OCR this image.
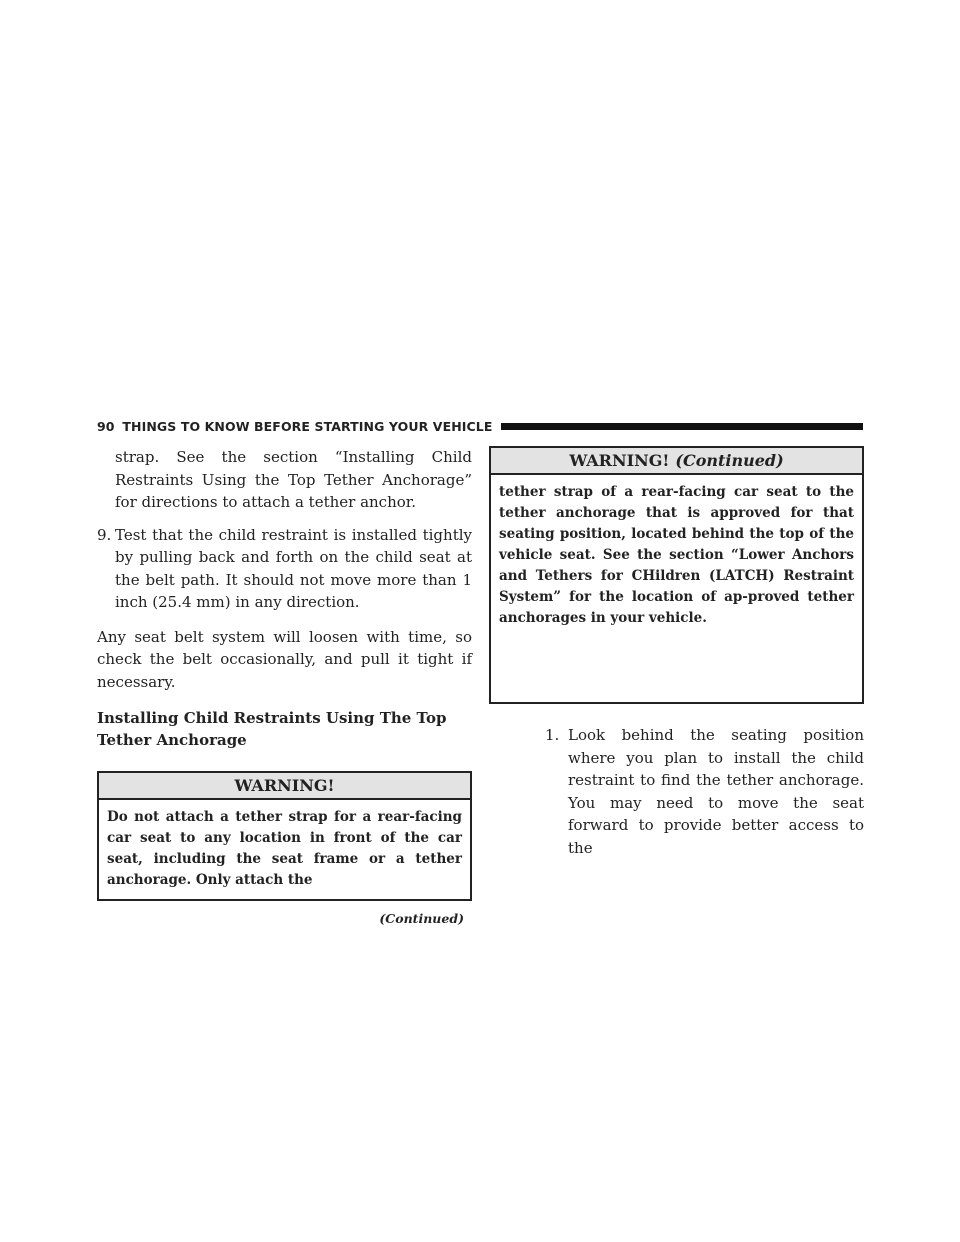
90 THINGS TO KNOW BEFORE STARTING YOUR VEHICLE

strap. See the section “Installing Child Restraints Using the Top Tether Anchorage” for directions to attach a tether anchor.

9. Test that the child restraint is installed tightly by pulling back and forth on the child seat at the belt path. It should not move more than 1 inch (25.4 mm) in any direction.

Any seat belt system will loosen with time, so check the belt occasionally, and pull it tight if necessary.

Installing Child Restraints Using The Top Tether Anchorage
WARNING!
Do not attach a tether strap for a rear-facing car seat to any location in front of the car seat, including the seat frame or a tether anchorage. Only attach the
(Continued)
WARNING! (Continued)
tether strap of a rear-facing car seat to the tether anchorage that is approved for that seating position, located behind the top of the vehicle seat. See the section “Lower Anchors and Tethers for CHildren (LATCH) Restraint System” for the location of ap-proved tether anchorages in your vehicle.
1. Look behind the seating position where you plan to install the child restraint to find the tether anchorage. You may need to move the seat forward to provide better access to the
